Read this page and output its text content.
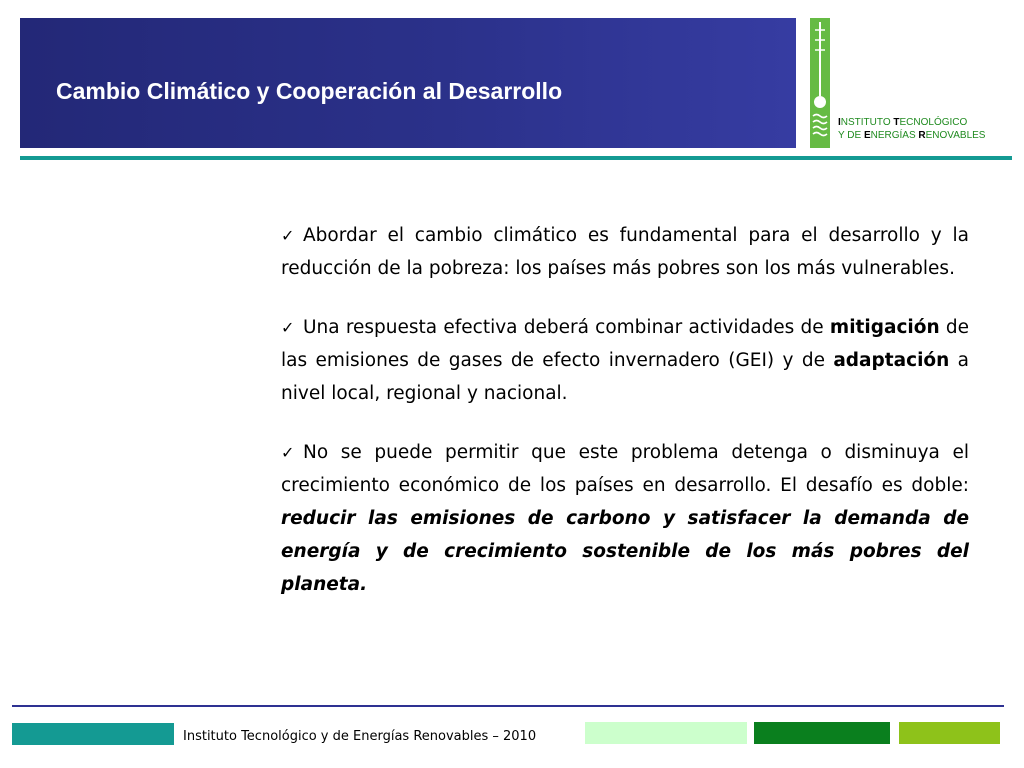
Cambio Climático y Cooperación al Desarrollo
INSTITUTO TECNOLÓGICO
Y DE ENERGÍAS RENOVABLES

✓ Abordar el cambio climático es fundamental para el desarrollo y la reducción de la pobreza: los países más pobres son los más vulnerables.

✓ Una respuesta efectiva deberá combinar actividades de mitigación de las emisiones de gases de efecto invernadero (GEI) y de adaptación a nivel local, regional y nacional.

✓ No se puede permitir que este problema detenga o disminuya el crecimiento económico de los países en desarrollo. El desafío es doble: reducir las emisiones de carbono y satisfacer la demanda de energía y de crecimiento sostenible de los más pobres del planeta.

Instituto Tecnológico y de Energías Renovables – 2010
